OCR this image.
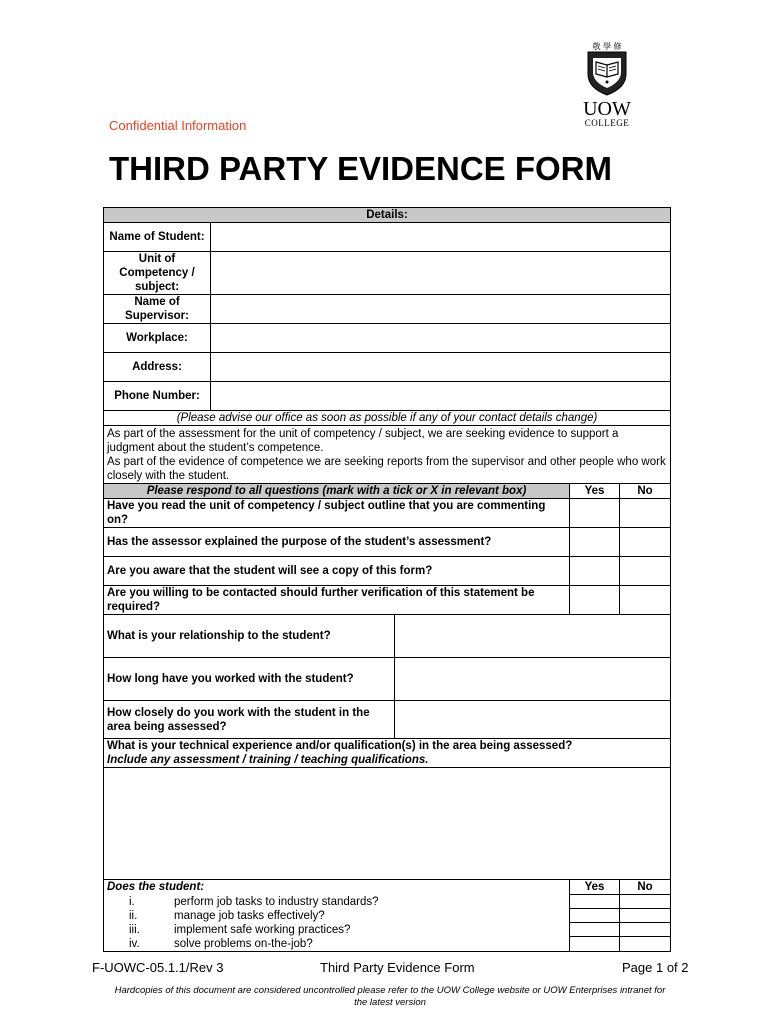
敬 學 修
UOW
COLLEGE
Confidential Information
THIRD PARTY EVIDENCE FORM
Details:				
Name of Student:				
Unit of Competency / subject:				
Name of Supervisor:				
Workplace:				
Address:				
Phone Number:				
(Please advise our office as soon as possible if any of your contact details change)				

As part of the assessment for the unit of competency / subject, we are seeking evidence to support a judgment about the student’s competence.
As part of the evidence of competence we are seeking reports from the supervisor and other people who work closely with the student.				

Please respond to all questions (mark with a tick or X in relevant box)			Yes	No
Have you read the unit of competency / subject outline that you are commenting on?				
Has the assessor explained the purpose of the student’s assessment?				
Are you aware that the student will see a copy of this form?				
Are you willing to be contacted should further verification of this statement be required?				
What is your relationship to the student?				
How long have you worked with the student?				
How closely do you work with the student in the area being assessed?				

What is your technical experience and/or qualification(s) in the area being assessed?
Include any assessment / training / teaching qualifications.				

Does the student:			Yes	No
i. perform job tasks to industry standards?				
ii. manage job tasks effectively?				
iii. implement safe working practices?				
iv. solve problems on-the-job?				
F-UOWC-05.1.1/Rev 3	Third Party Evidence Form	Page 1 of 2
Hardcopies of this document are considered uncontrolled please refer to the UOW College website or UOW Enterprises intranet for the latest version
